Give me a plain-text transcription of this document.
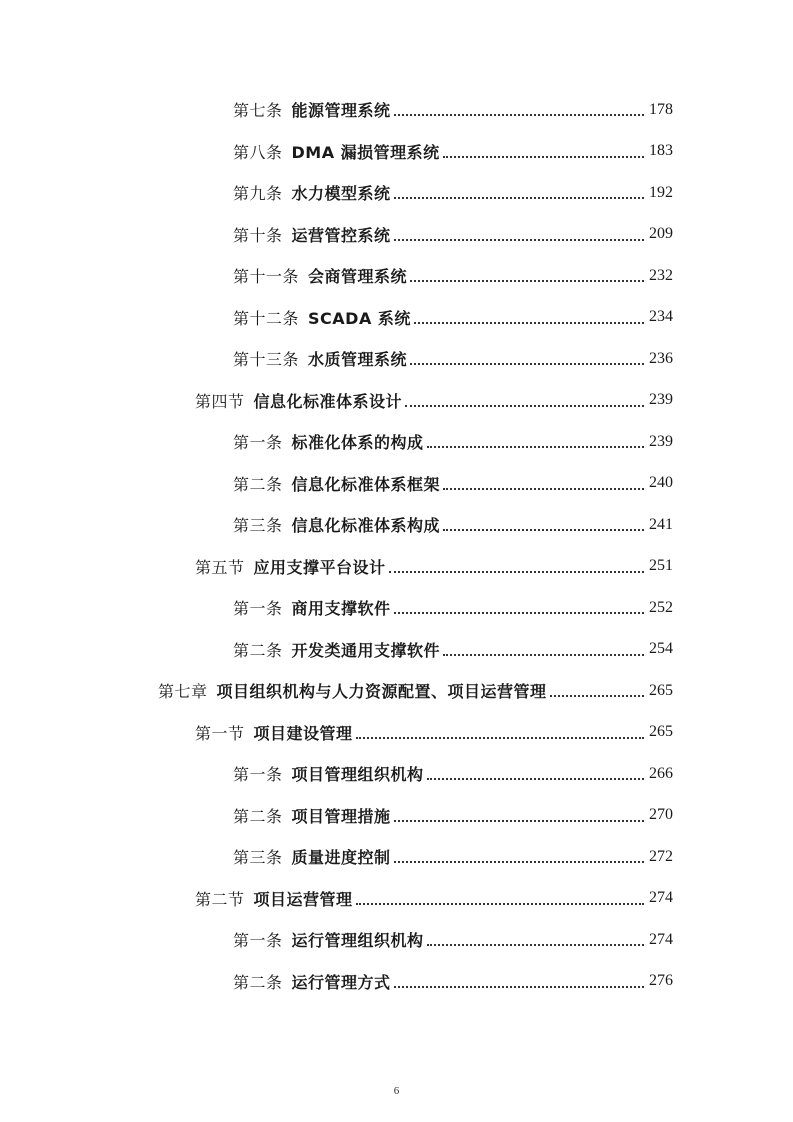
第七条 能源管理系统	178
第八条 DMA 漏损管理系统	183
第九条 水力模型系统	192
第十条 运营管控系统	209
第十一条 会商管理系统	232
第十二条 SCADA 系统	234
第十三条 水质管理系统	236
第四节 信息化标准体系设计	239
第一条 标准化体系的构成	239
第二条 信息化标准体系框架	240
第三条 信息化标准体系构成	241
第五节 应用支撑平台设计	251
第一条 商用支撑软件	252
第二条 开发类通用支撑软件	254
第七章 项目组织机构与人力资源配置、项目运营管理	265
第一节 项目建设管理	265
第一条 项目管理组织机构	266
第二条 项目管理措施	270
第三条 质量进度控制	272
第二节 项目运营管理	274
第一条 运行管理组织机构	274
第二条 运行管理方式	276
6
